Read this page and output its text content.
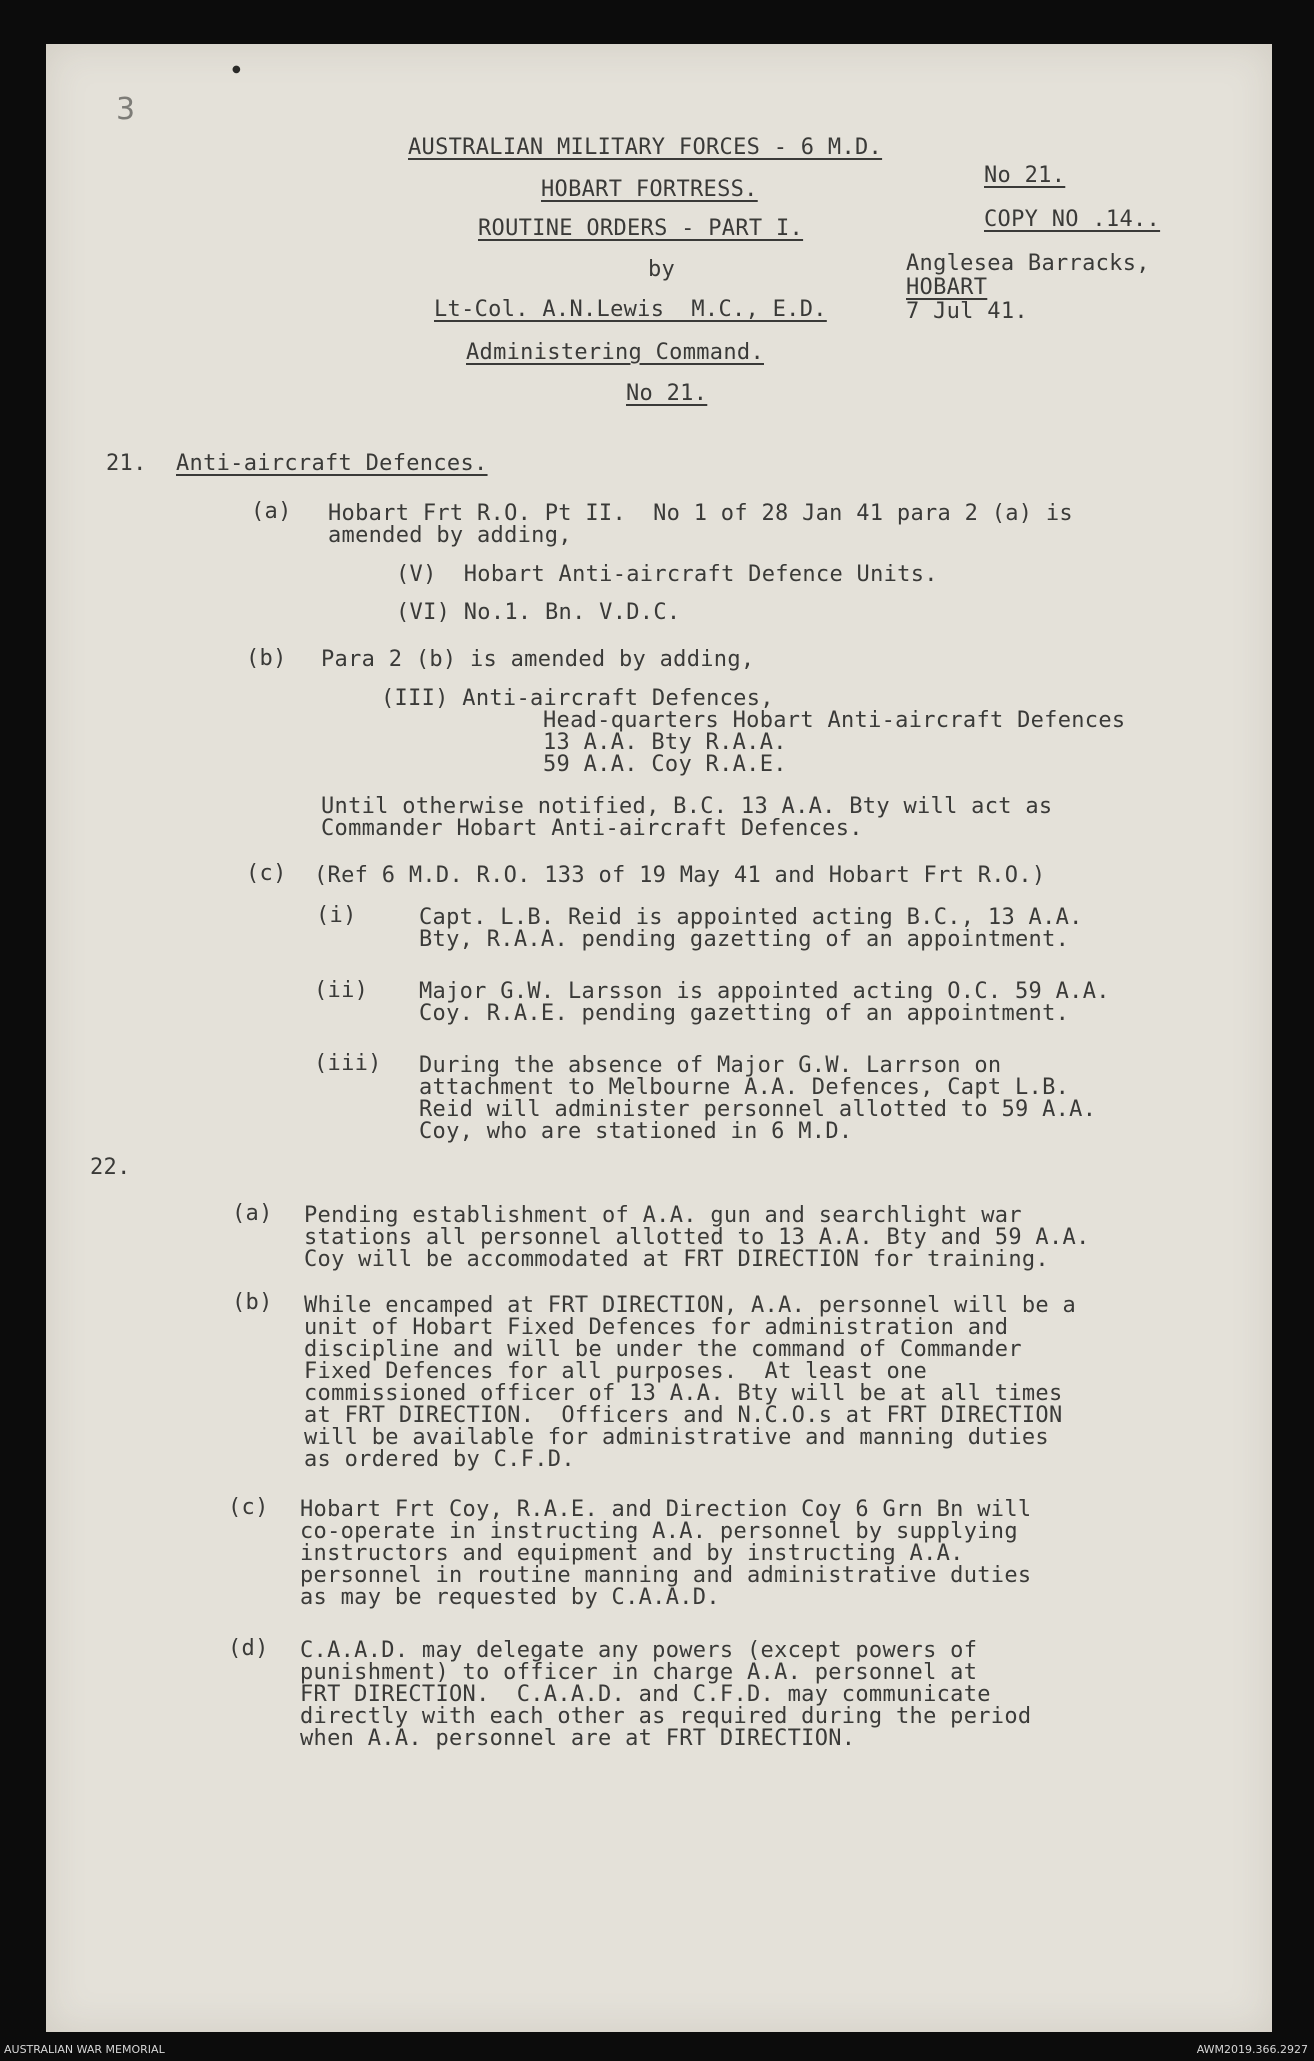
3
●
AUSTRALIAN MILITARY FORCES - 6 M.D.
HOBART FORTRESS.
ROUTINE ORDERS - PART I.
by
Lt-Col. A.N.Lewis  M.C., E.D.
Administering Command.
No 21.
No 21.
COPY NO .14..
Anglesea Barracks,
HOBART
7 Jul 41.
21. Anti-aircraft Defences.
(a) Hobart Frt R.O. Pt II.  No 1 of 28 Jan 41 para 2 (a) is
amended by adding,
(V)  Hobart Anti-aircraft Defence Units.
(VI) No.1. Bn. V.D.C.
(b) Para 2 (b) is amended by adding,
(III) Anti-aircraft Defences,
Head-quarters Hobart Anti-aircraft Defences
13 A.A. Bty R.A.A.
59 A.A. Coy R.A.E.
Until otherwise notified, B.C. 13 A.A. Bty will act as
Commander Hobart Anti-aircraft Defences.
(c) (Ref 6 M.D. R.O. 133 of 19 May 41 and Hobart Frt R.O.)
(i)	Capt. L.B. Reid is appointed acting B.C., 13 A.A.
Bty, R.A.A. pending gazetting of an appointment.
(ii) Major G.W. Larsson is appointed acting O.C. 59 A.A.
Coy. R.A.E. pending gazetting of an appointment.
(iii) During the absence of Major G.W. Larrson on
attachment to Melbourne A.A. Defences, Capt L.B.
Reid will administer personnel allotted to 59 A.A.
Coy, who are stationed in 6 M.D.
22.
(a) Pending establishment of A.A. gun and searchlight war
stations all personnel allotted to 13 A.A. Bty and 59 A.A.
Coy will be accommodated at FRT DIRECTION for training.
(b) While encamped at FRT DIRECTION, A.A. personnel will be a
unit of Hobart Fixed Defences for administration and
discipline and will be under the command of Commander
Fixed Defences for all purposes.  At least one
commissioned officer of 13 A.A. Bty will be at all times
at FRT DIRECTION.  Officers and N.C.O.s at FRT DIRECTION
will be available for administrative and manning duties
as ordered by C.F.D.
(c) Hobart Frt Coy, R.A.E. and Direction Coy 6 Grn Bn will
co-operate in instructing A.A. personnel by supplying
instructors and equipment and by instructing A.A.
personnel in routine manning and administrative duties
as may be requested by C.A.A.D.
(d) C.A.A.D. may delegate any powers (except powers of
punishment) to officer in charge A.A. personnel at
FRT DIRECTION.  C.A.A.D. and C.F.D. may communicate
directly with each other as required during the period
when A.A. personnel are at FRT DIRECTION.
AUSTRALIAN WAR MEMORIAL	AWM2019.366.2927
